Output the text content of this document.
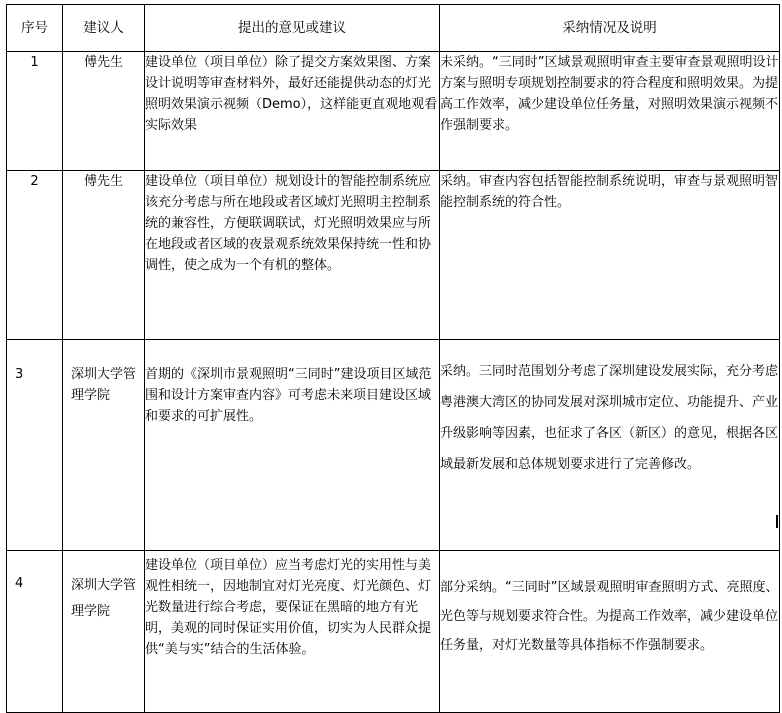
序号	建议人	提出的意见或建议	采纳情况及说明
1	傅先生	建设单位（项目单位）除了提交方案效果图、方案设计说明等审查材料外，最好还能提供动态的灯光照明效果演示视频（Demo），这样能更直观地观看实际效果	未采纳。“三同时”区域景观照明审查主要审查景观照明设计方案与照明专项规划控制要求的符合程度和照明效果。为提高工作效率，减少建设单位任务量，对照明效果演示视频不作强制要求。
2	傅先生	建设单位（项目单位）规划设计的智能控制系统应该充分考虑与所在地段或者区域灯光照明主控制系统的兼容性，方便联调联试，灯光照明效果应与所在地段或者区域的夜景观系统效果保持统一性和协调性，使之成为一个有机的整体。	采纳。审查内容包括智能控制系统说明，审查与景观照明智能控制系统的符合性。
3	深圳大学管理学院	首期的《深圳市景观照明“三同时”建设项目区域范围和设计方案审查内容》可考虑未来项目建设区域和要求的可扩展性。	采纳。三同时范围划分考虑了深圳建设发展实际，充分考虑粤港澳大湾区的协同发展对深圳城市定位、功能提升、产业升级影响等因素，也征求了各区（新区）的意见，根据各区域最新发展和总体规划要求进行了完善修改。
4	深圳大学管理学院	建设单位（项目单位）应当考虑灯光的实用性与美观性相统一，因地制宜对灯光亮度、灯光颜色、灯光数量进行综合考虑，要保证在黑暗的地方有光明，美观的同时保证实用价值，切实为人民群众提供“美与实”结合的生活体验。	部分采纳。“三同时”区域景观照明审查照明方式、亮照度、光色等与规划要求符合性。为提高工作效率，减少建设单位任务量，对灯光数量等具体指标不作强制要求。
